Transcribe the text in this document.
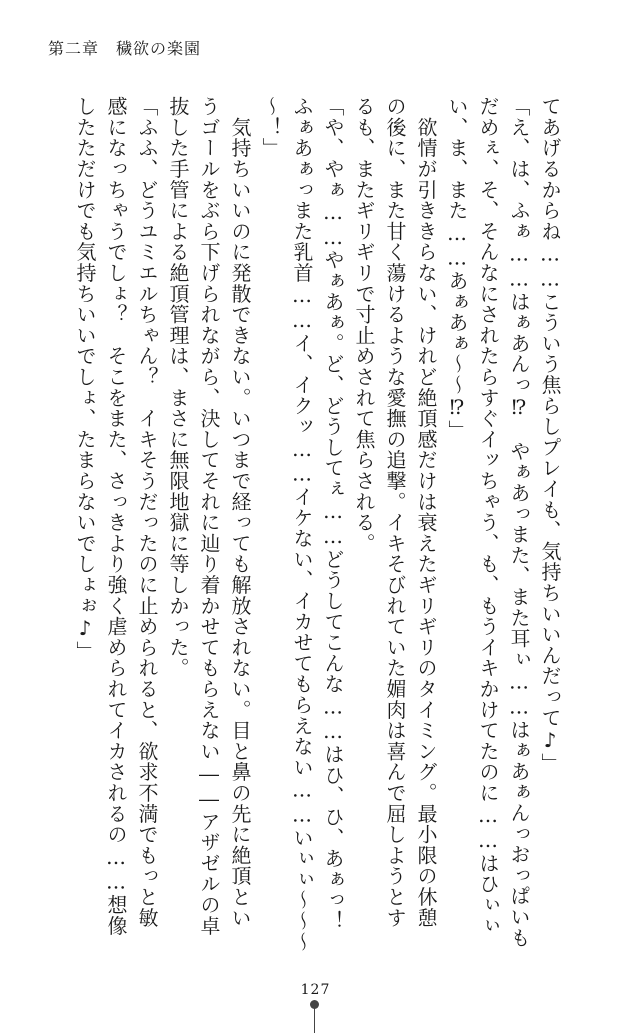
第二章　穢欲の楽園
てあげるからね……こういう焦らしプレイも、気持ちいいんだって♪」
「え、は、ふぁ……はぁあんっ⁉　やぁあっまた、また耳ぃ……はぁあぁんっおっぱいも
だめぇ、そ、そんなにされたらすぐイッちゃう、も、もうイキかけてたのに……はひぃぃ
い、ま、また……あぁあぁ〜〜⁉」
　欲情が引ききらない、けれど絶頂感だけは衰えたギリギリのタイミング。最小限の休憩
の後に、また甘く蕩けるような愛撫の追撃。イキそびれていた媚肉は喜んで屈しようとす
るも、またギリギリで寸止めされて焦らされる。
「や、やぁ……やぁあぁ。ど、どうしてぇ……どうしてこんな……はひ、ひ、あぁっ！
ふぁあぁっまた乳首……イ、イクッ……イケない、イカせてもらえない……いぃぃ〜〜〜
〜！」
　気持ちいいのに発散できない。いつまで経っても解放されない。目と鼻の先に絶頂とい
うゴールをぶら下げられながら、決してそれに辿り着かせてもらえない――アザゼルの卓
抜した手管による絶頂管理は、まさに無限地獄に等しかった。
「ふふ、どうユミエルちゃん？　イキそうだったのに止められると、欲求不満でもっと敏
感になっちゃうでしょ？　そこをまた、さっきより強く虐められてイカされるの……想像
したただけでも気持ちいいでしょ、たまらないでしょぉ♪」
127
